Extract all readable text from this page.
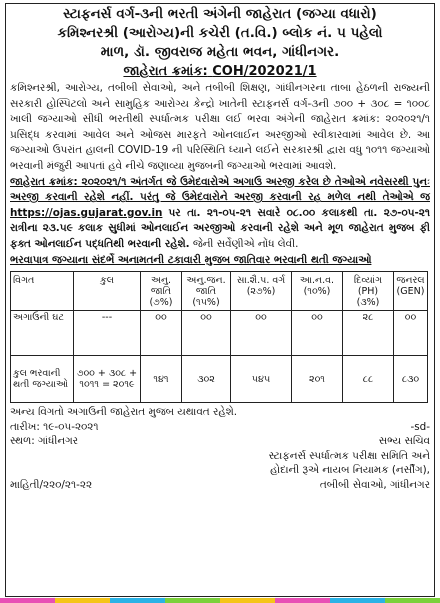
સ્ટાફનર્સ વર્ગ-૩ની ભરતી અંગેની જાહેરાત (જગ્યા વધારો)
કમિશ્નરશ્રી (આરોગ્ય)ની કચેરી (ત.વિ.) બ્લોક નં. ૫ પહેલો
માળ, ડૉ. જીવરાજ મહેતા ભવન, ગાંધીનગર.
જાહેરાત ક્રમાંક: COH/202021/1
કમિશ્નરશ્રી, આરોગ્ય, તબીબી સેવાઓ, અને તબીબી શિક્ષણ, ગાંધીનગરના તાબા હેઠળની રાજ્યની સરકારી હોસ્પિટલો અને સામુહિક આરોગ્ય કેન્દ્રો ખાતેની સ્ટાફનર્સ વર્ગ-૩ની ૭૦૦ + ૩૦૮ = ૧૦૦૮ ખાલી જગ્યાઓ સીધી ભરતીથી સ્પર્ધાત્મક પરીક્ષા લઈ ભરવા અંગેની જાહેરાત ક્રમાંક: ૨૦૨૦૨૧/૧ પ્રસિદ્ધ કરવામાં આવેલ અને ઓજસ મારફતે ઓનલાઈન અરજીઓ સ્વીકારવામાં આવેલ છે. આ જગ્યાઓ ઉપરાંત હાલની COVID-19 ની પરિસ્થિતિ ધ્યાને લઈને સરકારશ્રી દ્વારા વધુ ૧૦૧૧ જગ્યાઓ ભરવાની મંજુરી આપતાં હવે નીચે જણાવ્યા મુજબની જગ્યાઓ ભરવામાં આવશે.
જાહેરાત ક્રમાંક: ૨૦૨૦૨૧/૧ અંતર્ગત જે ઉમેદવારોએ અગાઉ અરજી કરેલ છે તેઓએ નવેસરથી પુનઃ અરજી કરવાની રહેશે નહીં. પરંતુ જે ઉમેદવારોને અરજી કરવાની રહ મળેલ નથી તેઓએ જ https://ojas.gujarat.gov.in પર તા. ૨૧-૦૫-૨૧ સવારે ૦૮.૦૦ કલાકથી તા. ૨૭-૦૫-૨૧ રાત્રીના ૨૩.૫૯ કલાક સુધીમાં ઓનલાઈન અરજીઓ કરવાની રહેશે અને મૂળ જાહેરાત મુજબ ફી ફક્ત ઓનલાઈન પદ્ધતિથી ભરવાની રહેશે. જેની સર્વેણીએ નોંધ લેવી.
ભરવાપાત્ર જગ્યાના સંદર્ભે અનામતની ટકાવારી મુજબ જાતિવાર ભરવાની થતી જગ્યાઓ
વિગત	કુલ	અનુ. જાતિ (૭%)	અનુ.જન. જાતિ (૧૫%)	સા.શૈ.પ. વર્ગ (૨૭%)	આ.ન.વ. (૧૦%)	દિવ્યાંગ (PH) (૩%)	જનરલ (GEN)
અગાઉની ઘટ	---	૦૦	૦૦	૦૦	૦૦	૨૮	૦૦
કુલ ભરવાની થતી જગ્યાઓ	૭૦૦ + ૩૦૮ + ૧૦૧૧ = ૨૦૧૯	૧૪૧	૩૦૨	૫૪૫	૨૦૧	૮૮	૮૩૦
અન્ય વિગતો અગાઉની જાહેરાત મુજબ યથાવત રહેશે.
તારીખ: ૧૯-૦૫-૨૦૨૧	-sd-
સ્થળ: ગાંધીનગર	સભ્ય સચિવ
સ્ટાફનર્સ સ્પર્ધાત્મક પરીક્ષા સમિતિ અને
હોદાની રૂએ નાયબ નિયામક (નર્સીંગ),
માહિતી/૨૨૦/૨૧-૨૨	તબીબી સેવાઓ, ગાંધીનગર
